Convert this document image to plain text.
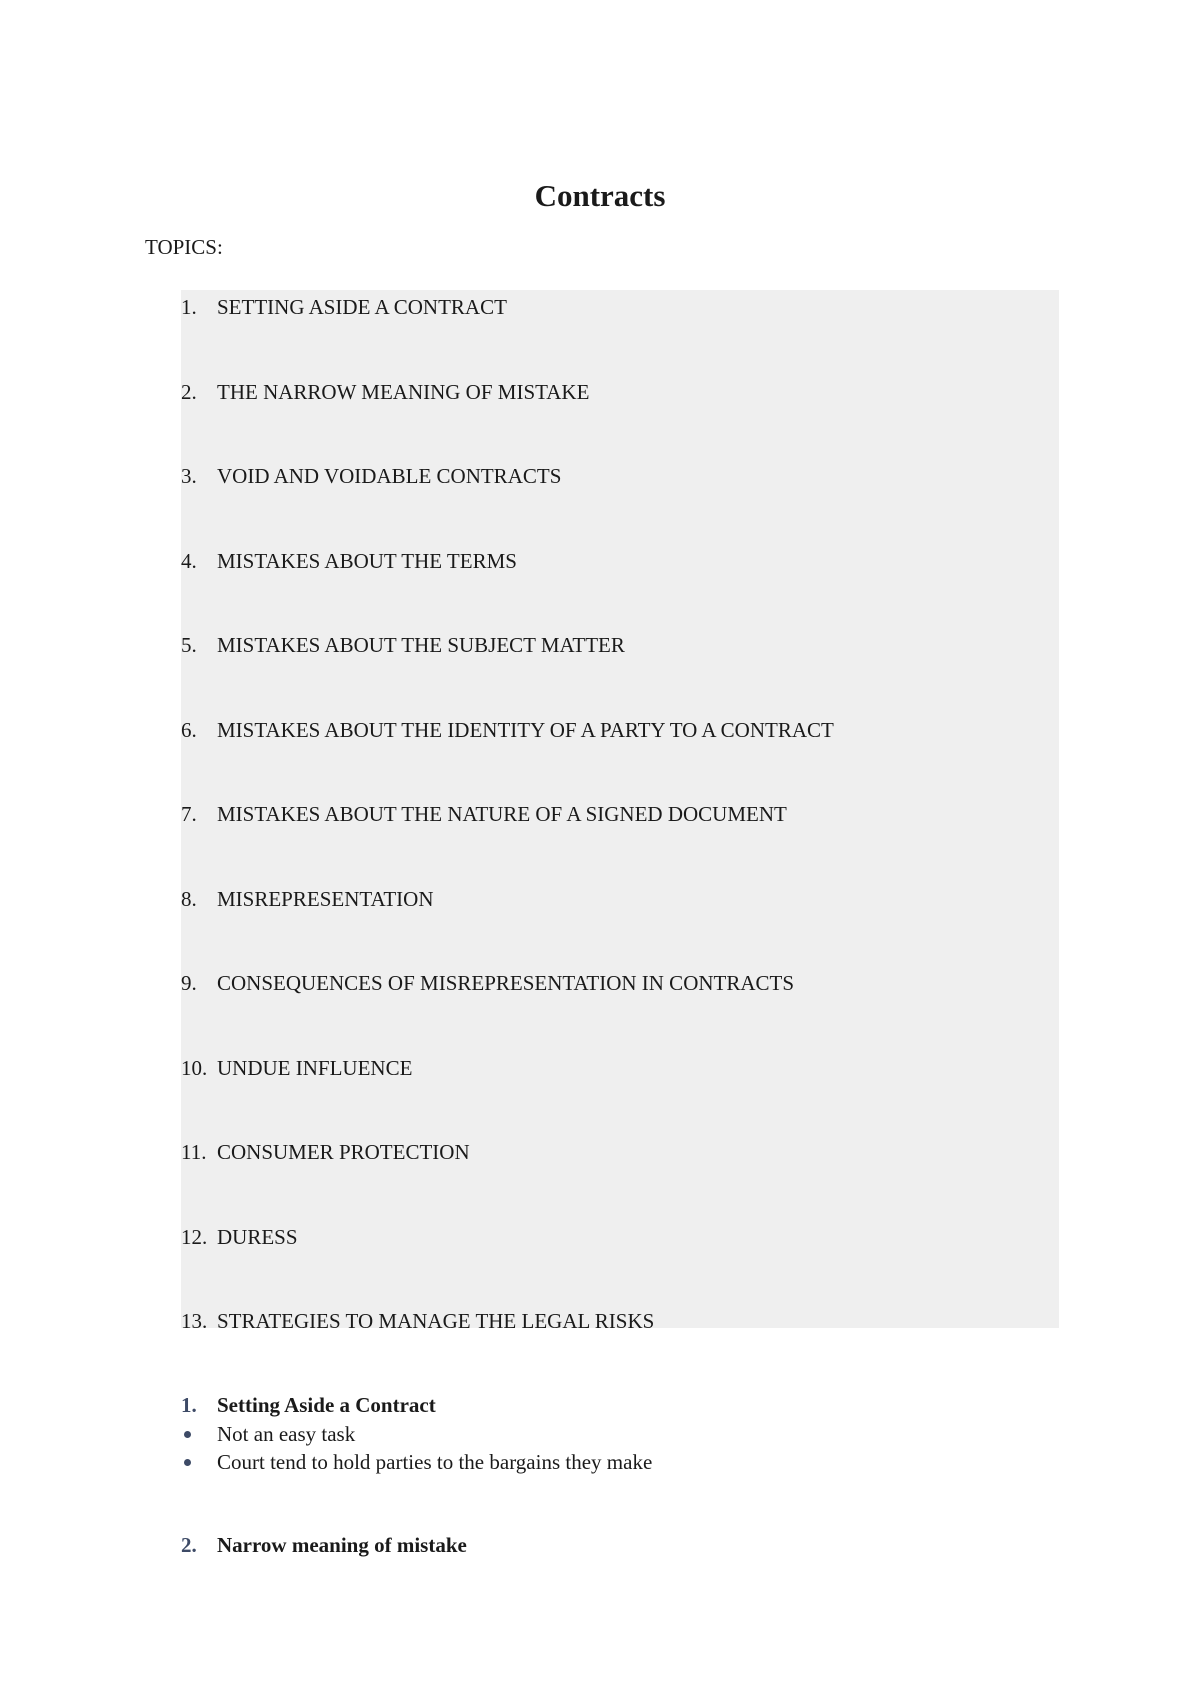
Contracts
TOPICS:
1. SETTING ASIDE A CONTRACT
2. THE NARROW MEANING OF MISTAKE
3. VOID AND VOIDABLE CONTRACTS
4. MISTAKES ABOUT THE TERMS
5. MISTAKES ABOUT THE SUBJECT MATTER
6. MISTAKES ABOUT THE IDENTITY OF A PARTY TO A CONTRACT
7. MISTAKES ABOUT THE NATURE OF A SIGNED DOCUMENT
8. MISREPRESENTATION
9. CONSEQUENCES OF MISREPRESENTATION IN CONTRACTS
10. UNDUE INFLUENCE
11. CONSUMER PROTECTION
12. DURESS
13. STRATEGIES TO MANAGE THE LEGAL RISKS
1. Setting Aside a Contract
Not an easy task
Court tend to hold parties to the bargains they make
2. Narrow meaning of mistake
